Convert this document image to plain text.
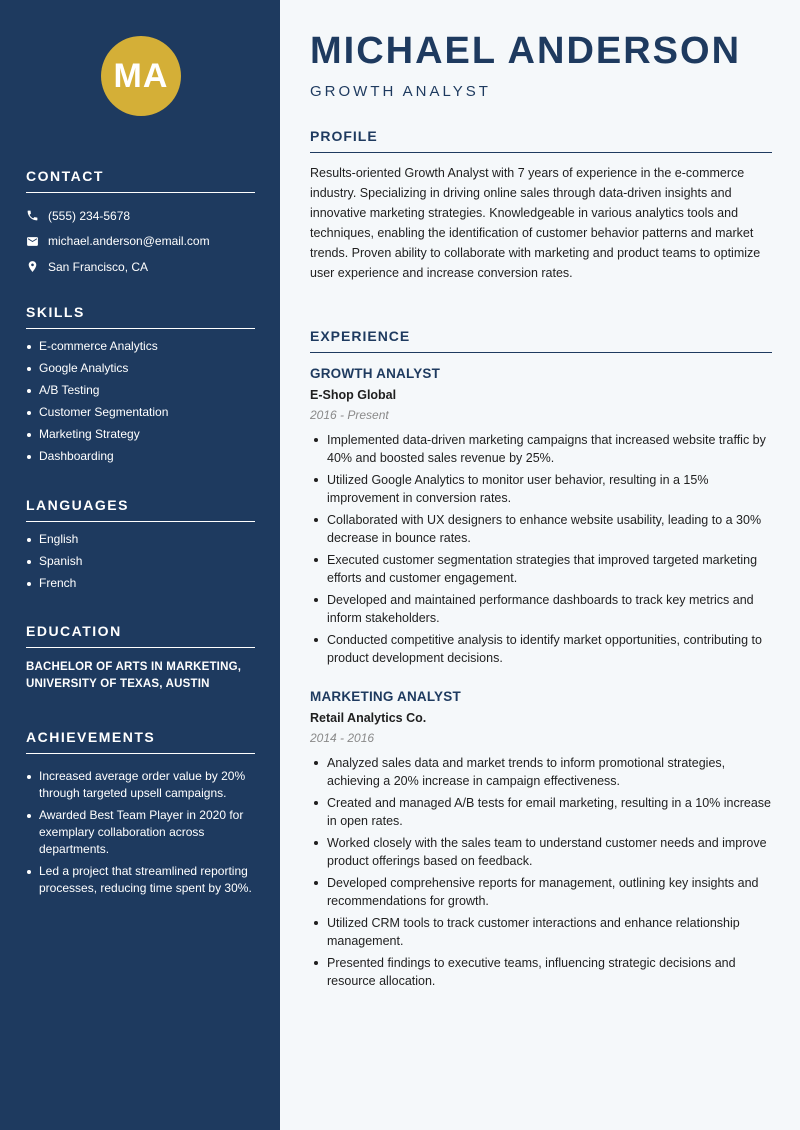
MA
CONTACT
(555) 234-5678
michael.anderson@email.com
San Francisco, CA
SKILLS
E-commerce Analytics
Google Analytics
A/B Testing
Customer Segmentation
Marketing Strategy
Dashboarding
LANGUAGES
English
Spanish
French
EDUCATION
BACHELOR OF ARTS IN MARKETING,
UNIVERSITY OF TEXAS, AUSTIN
ACHIEVEMENTS
Increased average order value by 20% through targeted upsell campaigns.
Awarded Best Team Player in 2020 for exemplary collaboration across departments.
Led a project that streamlined reporting processes, reducing time spent by 30%.
MICHAEL ANDERSON
GROWTH ANALYST
PROFILE

Results-oriented Growth Analyst with 7 years of experience in the e-commerce industry. Specializing in driving online sales through data-driven insights and innovative marketing strategies. Knowledgeable in various analytics tools and techniques, enabling the identification of customer behavior patterns and market trends. Proven ability to collaborate with marketing and product teams to optimize user experience and increase conversion rates.

EXPERIENCE
GROWTH ANALYST
E-Shop Global
2016 - Present
Implemented data-driven marketing campaigns that increased website traffic by 40% and boosted sales revenue by 25%.
Utilized Google Analytics to monitor user behavior, resulting in a 15% improvement in conversion rates.
Collaborated with UX designers to enhance website usability, leading to a 30% decrease in bounce rates.
Executed customer segmentation strategies that improved targeted marketing efforts and customer engagement.
Developed and maintained performance dashboards to track key metrics and inform stakeholders.
Conducted competitive analysis to identify market opportunities, contributing to product development decisions.
MARKETING ANALYST
Retail Analytics Co.
2014 - 2016
Analyzed sales data and market trends to inform promotional strategies, achieving a 20% increase in campaign effectiveness.
Created and managed A/B tests for email marketing, resulting in a 10% increase in open rates.
Worked closely with the sales team to understand customer needs and improve product offerings based on feedback.
Developed comprehensive reports for management, outlining key insights and recommendations for growth.
Utilized CRM tools to track customer interactions and enhance relationship management.
Presented findings to executive teams, influencing strategic decisions and resource allocation.
